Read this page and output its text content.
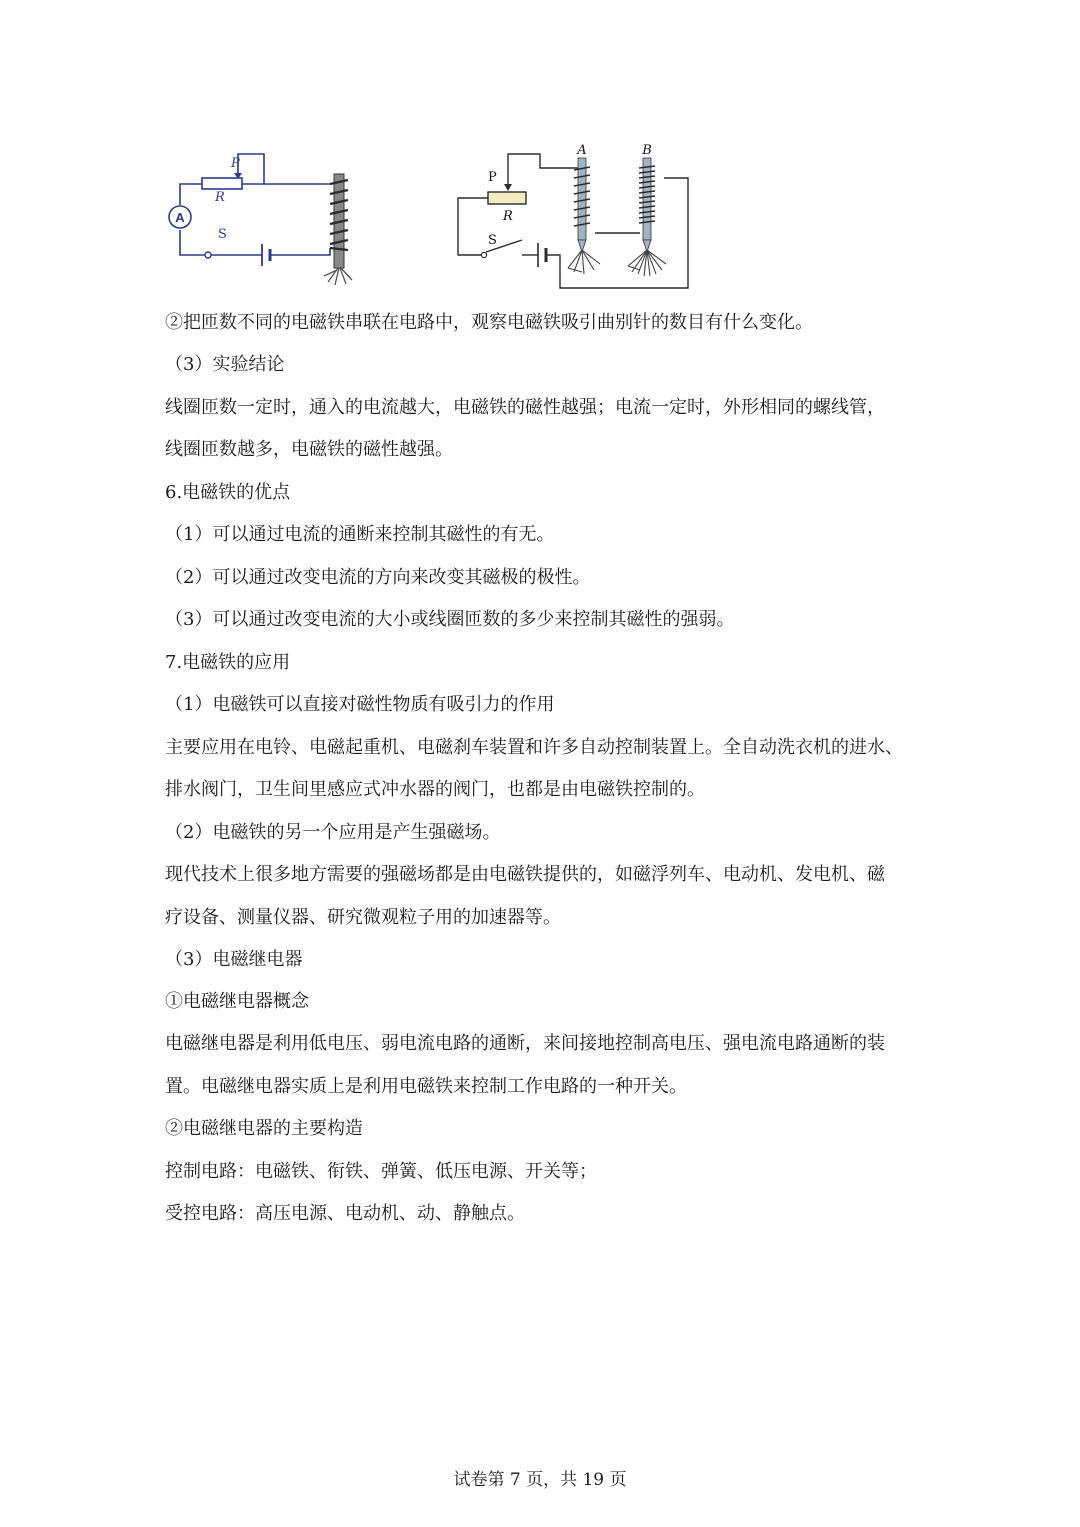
A
P
R
S
P
R
S
A	B
②把匝数不同的电磁铁串联在电路中，观察电磁铁吸引曲别针的数目有什么变化。
（3）实验结论
线圈匝数一定时，通入的电流越大，电磁铁的磁性越强；电流一定时，外形相同的螺线管，
线圈匝数越多，电磁铁的磁性越强。
6.电磁铁的优点
（1）可以通过电流的通断来控制其磁性的有无。
（2）可以通过改变电流的方向来改变其磁极的极性。
（3）可以通过改变电流的大小或线圈匝数的多少来控制其磁性的强弱。
7.电磁铁的应用
（1）电磁铁可以直接对磁性物质有吸引力的作用
主要应用在电铃、电磁起重机、电磁刹车装置和许多自动控制装置上。全自动洗衣机的进水、
排水阀门，卫生间里感应式冲水器的阀门，也都是由电磁铁控制的。
（2）电磁铁的另一个应用是产生强磁场。
现代技术上很多地方需要的强磁场都是由电磁铁提供的，如磁浮列车、电动机、发电机、磁
疗设备、测量仪器、研究微观粒子用的加速器等。
（3）电磁继电器
①电磁继电器概念
电磁继电器是利用低电压、弱电流电路的通断，来间接地控制高电压、强电流电路通断的装
置。电磁继电器实质上是利用电磁铁来控制工作电路的一种开关。
②电磁继电器的主要构造
控制电路：电磁铁、衔铁、弹簧、低压电源、开关等；
受控电路：高压电源、电动机、动、静触点。
试卷第 7 页，共 19 页
